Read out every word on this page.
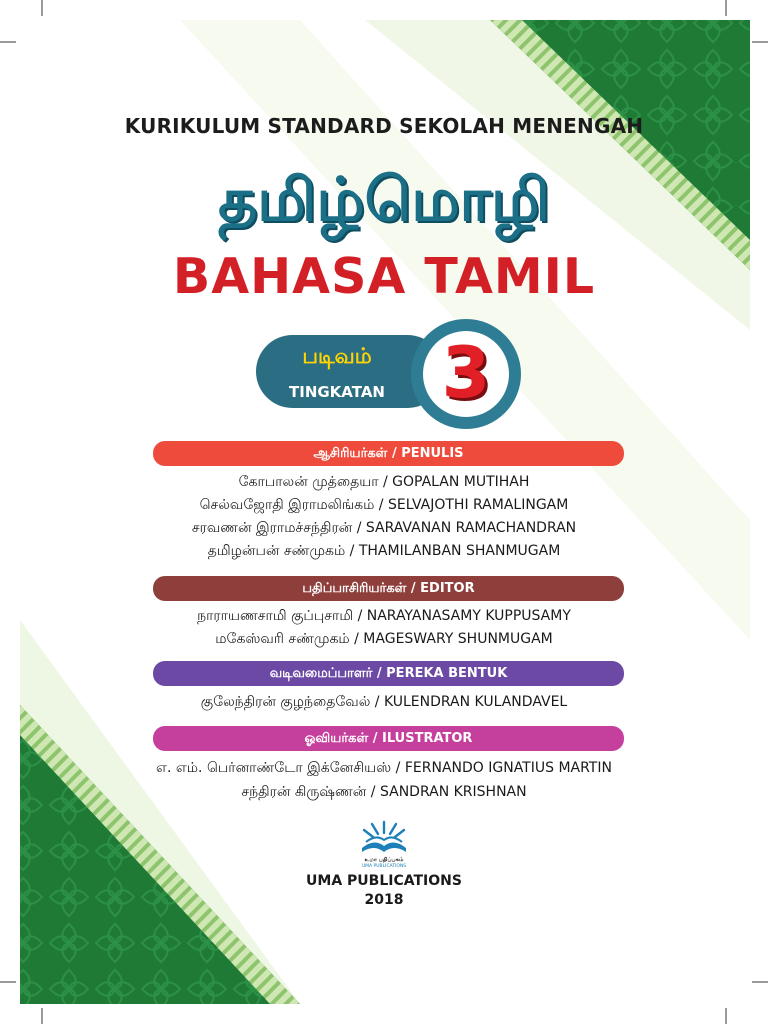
உமா பதிப்பகம்
UMA PUBLICATIONS
KURIKULUM STANDARD SEKOLAH MENENGAH
தமிழ்மொழி
BAHASA TAMIL
படிவம்
TINGKATAN 3
ஆசிரியர்கள் / PENULIS
கோபாலன் முத்தையா / GOPALAN MUTIHAH
செல்வஜோதி இராமலிங்கம் / SELVAJOTHI RAMALINGAM
சரவணன் இராமச்சந்திரன் / SARAVANAN RAMACHANDRAN
தமிழன்பன் சண்முகம் / THAMILANBAN SHANMUGAM
பதிப்பாசிரியர்கள் / EDITOR
நாராயணசாமி குப்புசாமி / NARAYANASAMY KUPPUSAMY
மகேஸ்வரி சண்முகம் / MAGESWARY SHUNMUGAM
வடிவமைப்பாளர் / PEREKA BENTUK
குலேந்திரன் குழந்தைவேல் / KULENDRAN KULANDAVEL
ஓவியர்கள் / ILUSTRATOR
எ. எம். பெர்னாண்டோ இக்னேசியஸ் / FERNANDO IGNATIUS MARTIN
சந்திரன் கிருஷ்ணன் / SANDRAN KRISHNAN
UMA PUBLICATIONS
2018
